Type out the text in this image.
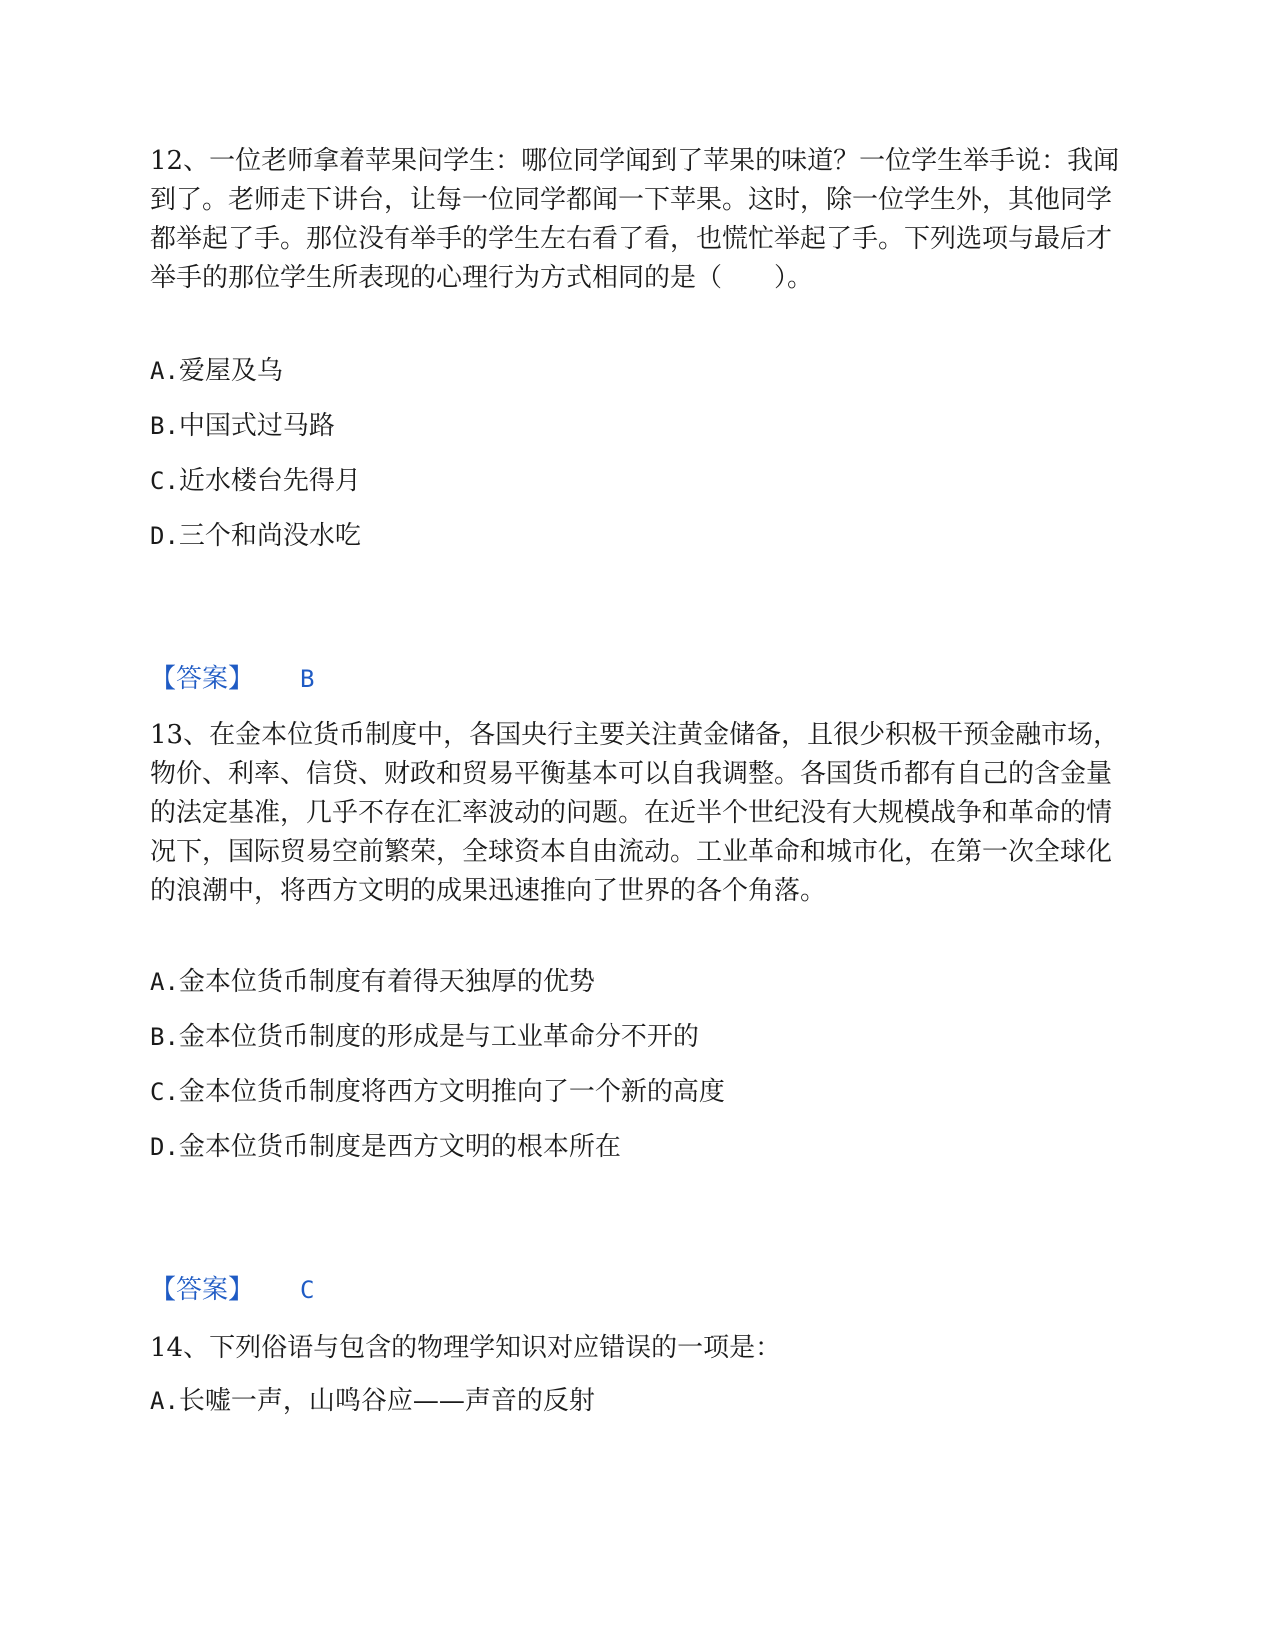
12、一位老师拿着苹果问学生：哪位同学闻到了苹果的味道？一位学生举手说：我闻到了。老师走下讲台，让每一位同学都闻一下苹果。这时，除一位学生外，其他同学都举起了手。那位没有举手的学生左右看了看，也慌忙举起了手。下列选项与最后才举手的那位学生所表现的心理行为方式相同的是（　　）。

A.爱屋及乌

B.中国式过马路

C.近水楼台先得月

D.三个和尚没水吃

【答案】 B

13、在金本位货币制度中，各国央行主要关注黄金储备，且很少积极干预金融市场，物价、利率、信贷、财政和贸易平衡基本可以自我调整。各国货币都有自己的含金量的法定基准，几乎不存在汇率波动的问题。在近半个世纪没有大规模战争和革命的情况下，国际贸易空前繁荣，全球资本自由流动。工业革命和城市化，在第一次全球化的浪潮中，将西方文明的成果迅速推向了世界的各个角落。

A.金本位货币制度有着得天独厚的优势

B.金本位货币制度的形成是与工业革命分不开的

C.金本位货币制度将西方文明推向了一个新的高度

D.金本位货币制度是西方文明的根本所在

【答案】 C

14、下列俗语与包含的物理学知识对应错误的一项是：

A.长嘘一声，山鸣谷应——声音的反射
